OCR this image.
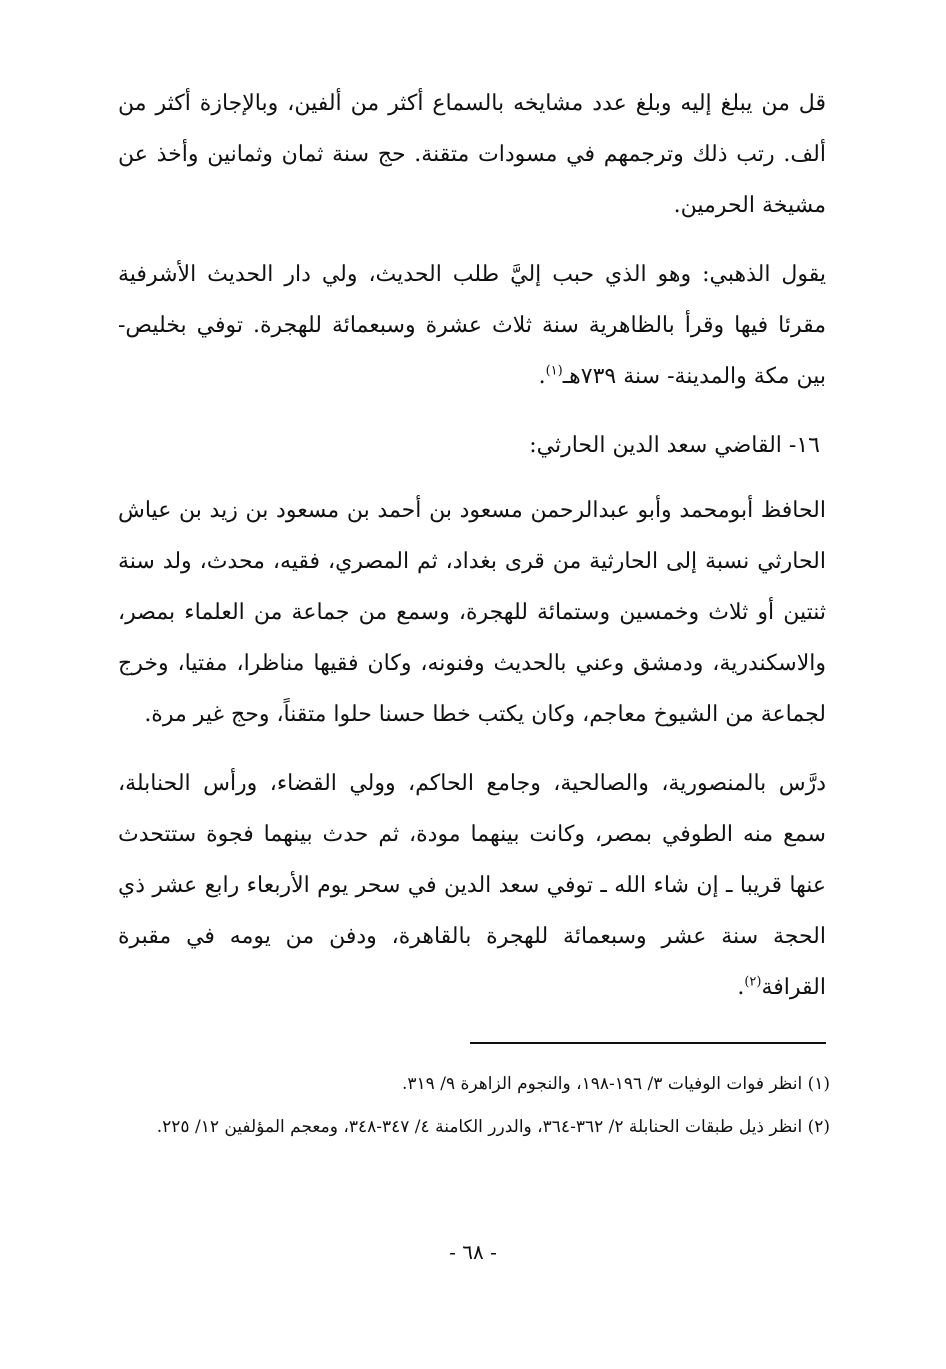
قل من يبلغ إليه وبلغ عدد مشايخه بالسماع أكثر من ألفين، وبالإجازة أكثر من ألف. رتب ذلك وترجمهم في مسودات متقنة. حج سنة ثمان وثمانين وأخذ عن مشيخة الحرمين.

يقول الذهبي: وهو الذي حبب إليَّ طلب الحديث، ولي دار الحديث الأشرفية مقرئا فيها وقرأ بالظاهرية سنة ثلاث عشرة وسبعمائة للهجرة. توفي بخليص- بين مكة والمدينة- سنة ٧٣٩هـ$^{(١)}$.

١٦- القاضي سعد الدين الحارثي:

الحافظ أبومحمد وأبو عبدالرحمن مسعود بن أحمد بن مسعود بن زيد بن عياش الحارثي نسبة إلى الحارثية من قرى بغداد، ثم المصري، فقيه، محدث، ولد سنة ثنتين أو ثلاث وخمسين وستمائة للهجرة، وسمع من جماعة من العلماء بمصر، والاسكندرية، ودمشق وعني بالحديث وفنونه، وكان فقيها مناظرا، مفتيا، وخرج لجماعة من الشيوخ معاجم، وكان يكتب خطا حسنا حلوا متقناً، وحج غير مرة.

درَّس بالمنصورية، والصالحية، وجامع الحاكم، وولي القضاء، ورأس الحنابلة، سمع منه الطوفي بمصر، وكانت بينهما مودة، ثم حدث بينهما فجوة ستتحدث عنها قريبا ـ إن شاء الله ـ توفي سعد الدين في سحر يوم الأربعاء رابع عشر ذي الحجة سنة عشر وسبعمائة للهجرة بالقاهرة، ودفن من يومه في مقبرة القرافة$^{(٢)}$.

(١) انظر فوات الوفيات ٣/ ١٩٦-١٩٨، والنجوم الزاهرة ٩/ ٣١٩.

(٢) انظر ذيل طبقات الحنابلة ٢/ ٣٦٢-٣٦٤، والدرر الكامنة ٤/ ٣٤٧-٣٤٨، ومعجم المؤلفين ١٢/ ٢٢٥.

- ٦٨ -
